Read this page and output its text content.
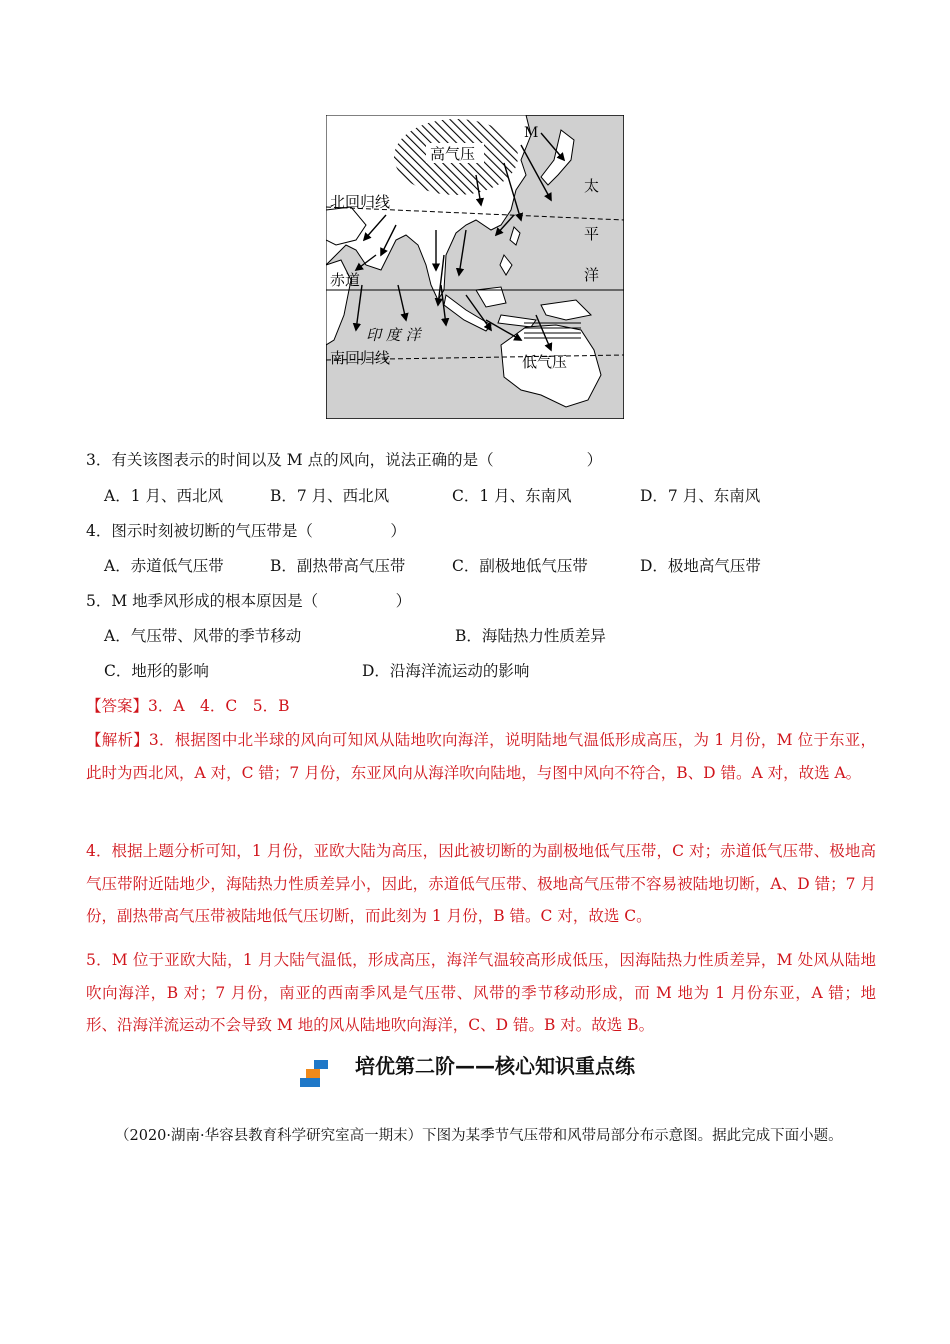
高气压
M
北回归线
赤道
南回归线
印 度 洋
太
平
洋
低气压
3．有关该图表示的时间以及 M 点的风向，说法正确的是（　　　　　　）
A．1 月、西北风	B．7 月、西北风	C．1 月、东南风	D．7 月、东南风
4．图示时刻被切断的气压带是（　　　　　）
A．赤道低气压带	B．副热带高气压带	C．副极地低气压带	D．极地高气压带
5．M 地季风形成的根本原因是（　　　　　）
A．气压带、风带的季节移动	B．海陆热力性质差异
C．地形的影响	D．沿海洋流运动的影响
【答案】3．A　4．C　5．B
【解析】3．根据图中北半球的风向可知风从陆地吹向海洋，说明陆地气温低形成高压，为 1 月份，M 位于东亚，此时为西北风，A 对，C 错；7 月份，东亚风向从海洋吹向陆地，与图中风向不符合，B、D 错。A 对，故选 A。
4．根据上题分析可知，1 月份，亚欧大陆为高压，因此被切断的为副极地低气压带，C 对；赤道低气压带、极地高气压带附近陆地少，海陆热力性质差异小，因此，赤道低气压带、极地高气压带不容易被陆地切断，A、D 错；7 月份，副热带高气压带被陆地低气压切断，而此刻为 1 月份，B 错。C 对，故选 C。
5．M 位于亚欧大陆，1 月大陆气温低，形成高压，海洋气温较高形成低压，因海陆热力性质差异，M 处风从陆地吹向海洋，B 对；7 月份，南亚的西南季风是气压带、风带的季节移动形成，而 M 地为 1 月份东亚，A 错；地形、沿海洋流运动不会导致 M 地的风从陆地吹向海洋，C、D 错。B 对。故选 B。
培优第二阶——核心知识重点练
（2020·湖南·华容县教育科学研究室高一期末）下图为某季节气压带和风带局部分布示意图。据此完成下面小题。
